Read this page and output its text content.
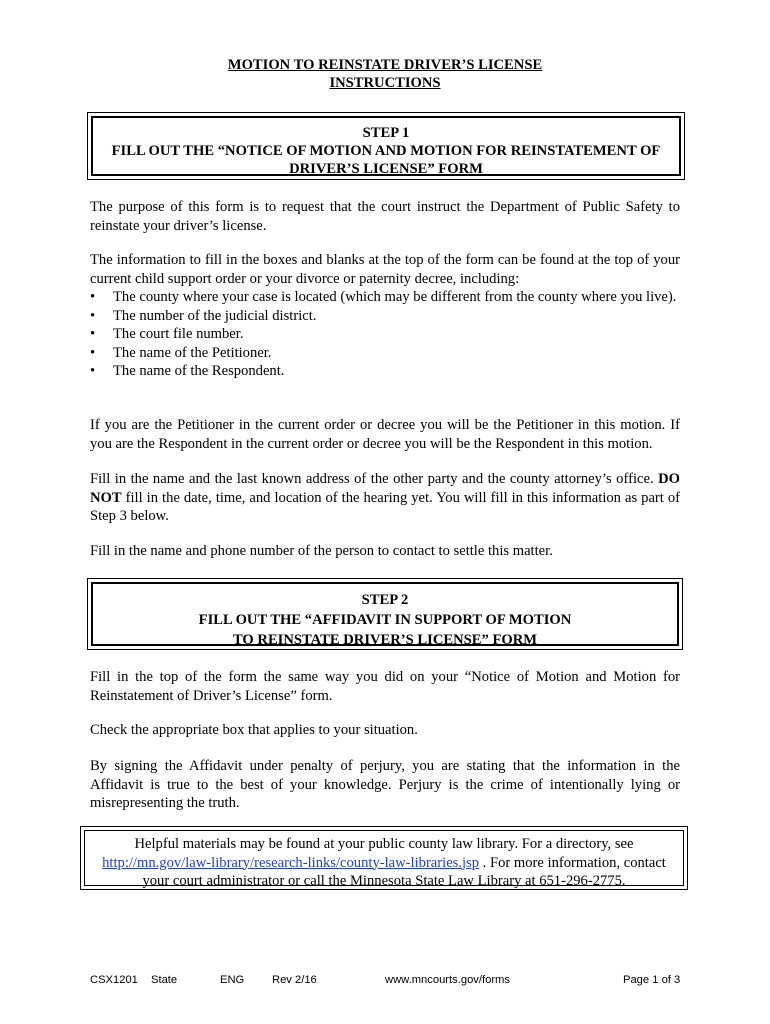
MOTION TO REINSTATE DRIVER’S LICENSE
INSTRUCTIONS
STEP 1
FILL OUT THE “NOTICE OF MOTION AND MOTION FOR REINSTATEMENT OF
DRIVER’S LICENSE” FORM

The purpose of this form is to request that the court instruct the Department of Public Safety to reinstate your driver’s license.

The information to fill in the boxes and blanks at the top of the form can be found at the top of your current child support order or your divorce or paternity decree, including:

• The county where your case is located (which may be different from the county where you live).
• The number of the judicial district.
• The court file number.
• The name of the Petitioner.
• The name of the Respondent.

If you are the Petitioner in the current order or decree you will be the Petitioner in this motion. If you are the Respondent in the current order or decree you will be the Respondent in this motion.

Fill in the name and the last known address of the other party and the county attorney’s office. DO NOT fill in the date, time, and location of the hearing yet. You will fill in this information as part of Step 3 below.

Fill in the name and phone number of the person to contact to settle this matter.

STEP 2
FILL OUT THE “AFFIDAVIT IN SUPPORT OF MOTION
TO REINSTATE DRIVER’S LICENSE” FORM

Fill in the top of the form the same way you did on your “Notice of Motion and Motion for Reinstatement of Driver’s License” form.

Check the appropriate box that applies to your situation.

By signing the Affidavit under penalty of perjury, you are stating that the information in the Affidavit is true to the best of your knowledge. Perjury is the crime of intentionally lying or misrepresenting the truth.

Helpful materials may be found at your public county law library. For a directory, see
http://mn.gov/law-library/research-links/county-law-libraries.jsp . For more information, contact
your court administrator or call the Minnesota State Law Library at 651-296-2775.
CSX1201 State	ENG Rev 2/16	www.mncourts.gov/forms	Page 1 of 3
